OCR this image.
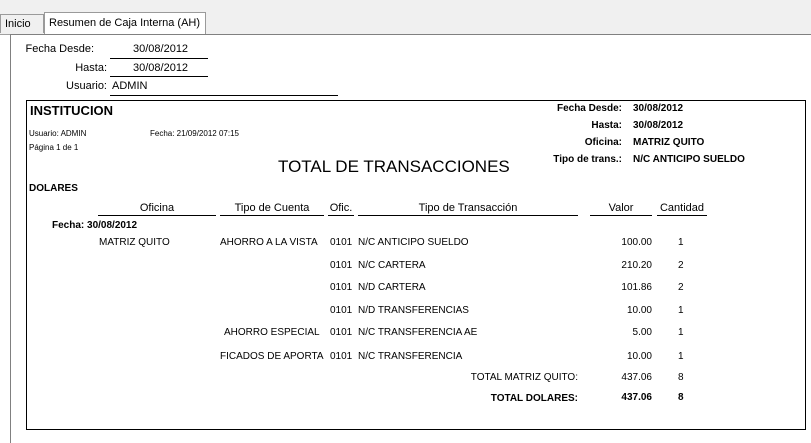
Inicio	Resumen de Caja Interna (AH)
Fecha Desde:	30/08/2012
Hasta: 30/08/2012
Usuario: ADMIN
INSTITUCION
Usuario: ADMIN	Fecha: 21/09/2012 07:15
Página 1 de 1
TOTAL DE TRANSACCIONES
Fecha Desde: 30/08/2012
Hasta: 30/08/2012
Oficina: MATRIZ QUITO
Tipo de trans.: N/C ANTICIPO SUELDO
DOLARES
Oficina	Tipo de Cuenta	Ofic.	Tipo de Transacción	Valor	Cantidad
Fecha: 30/08/2012
MATRIZ QUITO	AHORRO A LA VISTA	0101 N/C ANTICIPO SUELDO	100.00	1
0101 N/C CARTERA	210.20	2
0101 N/D CARTERA	101.86	2
0101 N/D TRANSFERENCIAS	10.00	1
AHORRO ESPECIAL	0101 N/C TRANSFERENCIA AE	5.00	1
FICADOS DE APORTA 0101 N/C TRANSFERENCIA	10.00	1
TOTAL MATRIZ QUITO:	437.06	8
TOTAL DOLARES:	437.06	8
